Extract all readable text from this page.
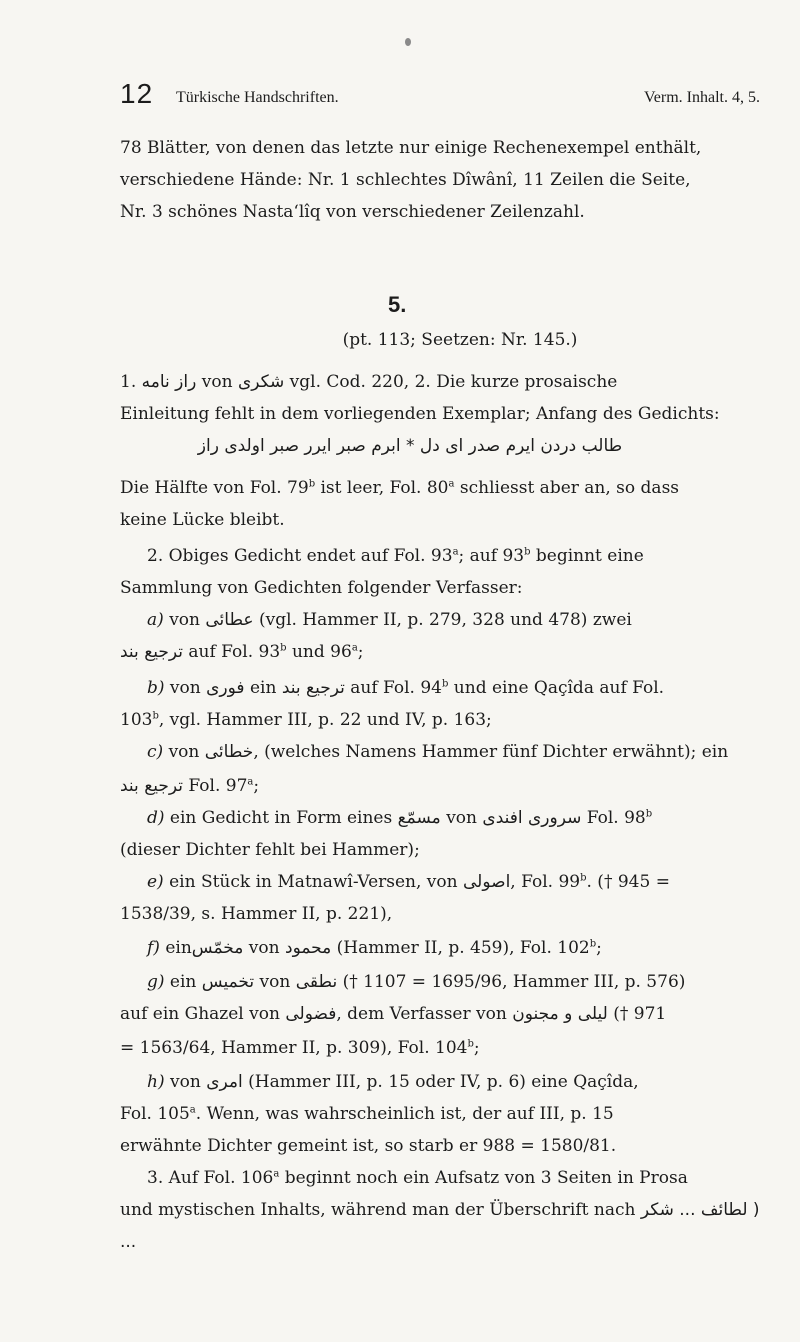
12 Türkische Handschriften.	Verm. Inhalt. 4, 5.
78 Blätter, von denen das letzte nur einige Rechenexempel enthält,
verschiedene Hände: Nr. 1 schlechtes Dîwânî, 11 Zeilen die Seite,
Nr. 3 schönes Nasta‘lîq von verschiedener Zeilenzahl.
5.
(pt. 113; Seetzen: Nr. 145.)
1. راز نامه von شکری vgl. Cod. 220, 2. Die kurze prosaische
Einleitung fehlt in dem vorliegenden Exemplar; Anfang des Gedichts:
طالب دردن ایرم صدر ای دل * ابرم صبر ایرر صبر اولدی راز
Die Hälfte von Fol. 79$^b$ ist leer, Fol. 80$^a$ schliesst aber an, so dass
keine Lücke bleibt.
2. Obiges Gedicht endet auf Fol. 93$^a$; auf 93$^b$ beginnt eine
Sammlung von Gedichten folgender Verfasser:
a) von عطائی (vgl. Hammer II, p. 279, 328 und 478) zwei
ترجیع بند auf Fol. 93$^b$ und 96$^a$;
b) von فوری ein ترجیع بند auf Fol. 94$^b$ und eine Qaçîda auf Fol.
103$^b$, vgl. Hammer III, p. 22 und IV, p. 163;
c) von خطائی, (welches Namens Hammer fünf Dichter erwähnt); ein
ترجیع بند Fol. 97$^a$;
d) ein Gedicht in Form eines مسمّع von سروری افندی Fol. 98$^b$
(dieser Dichter fehlt bei Hammer);
e) ein Stück in Matnawî-Versen, von اصولی, Fol. 99$^b$. († 945 =
1538/39, s. Hammer II, p. 221),
f) einمخمّس von محمود (Hammer II, p. 459), Fol. 102$^b$;
g) ein تخمیس von نطقی († 1107 = 1695/96, Hammer III, p. 576)
auf ein Ghazel von فضولی, dem Verfasser von لیلی و مجنون († 971
= 1563/64, Hammer II, p. 309), Fol. 104$^b$;
h) von امری (Hammer III, p. 15 oder IV, p. 6) eine Qaçîda,
Fol. 105$^a$. Wenn, was wahrscheinlich ist, der auf III, p. 15
erwähnte Dichter gemeint ist, so starb er 988 = 1580/81.
3. Auf Fol. 106$^a$ beginnt noch ein Aufsatz von 3 Seiten in Prosa
und mystischen Inhalts, während man der Überschrift nach ( لطائف ... شکر ...
